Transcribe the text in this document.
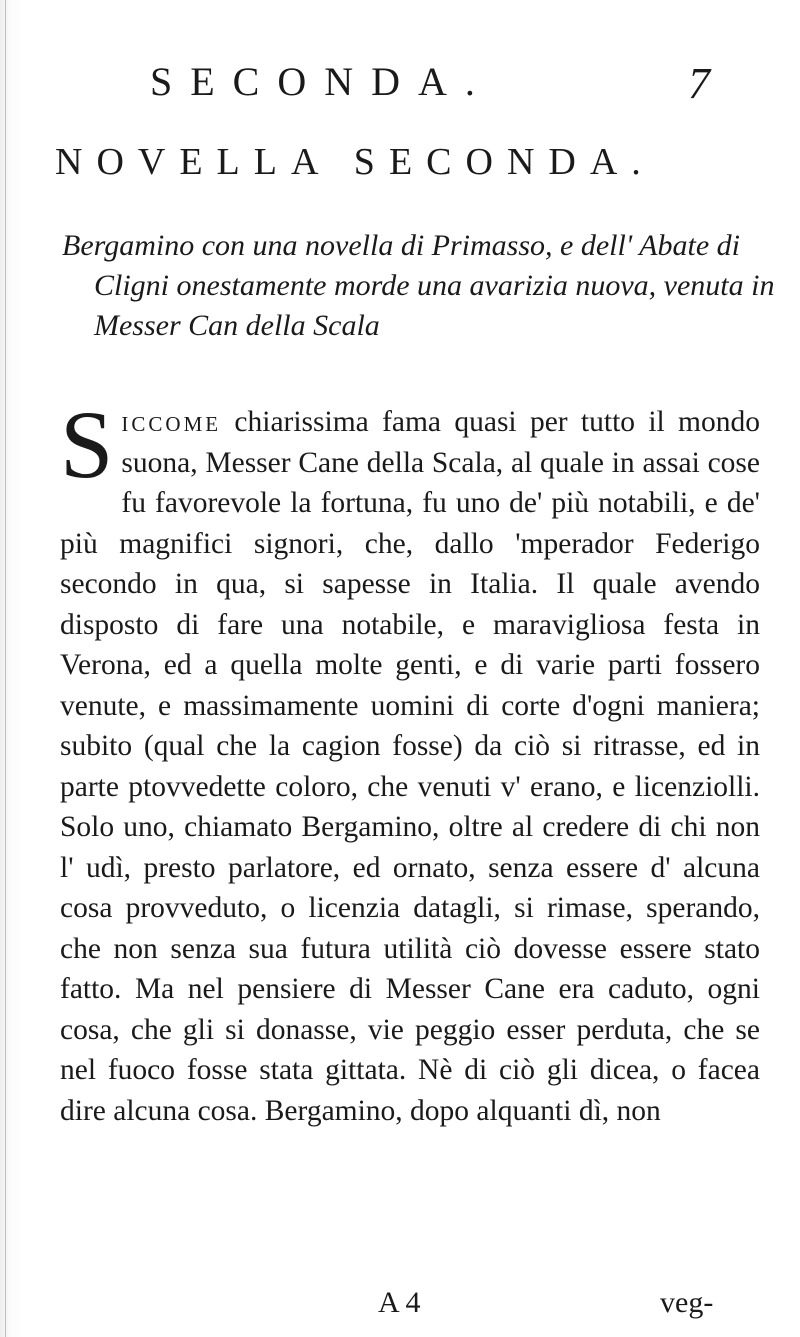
SECONDA.	7
NOVELLA SECONDA.
Bergamino con una novella di Primasso, e dell' Abate di Cligni onestamente morde una avarizia nuova, venuta in Messer Can della Scala
Siccome chiarissima fama quasi per tutto il mondo suona, Messer Cane della Scala, al quale in assai cose fu favorevole la fortuna, fu uno de' più notabili, e de' più magnifici signori, che, dallo 'mperador Federigo secondo in qua, si sapesse in Italia. Il quale avendo disposto di fare una notabile, e maravigliosa festa in Verona, ed a quella molte genti, e di varie parti fossero venute, e massimamente uomini di corte d'ogni maniera; subito (qual che la cagion fosse) da ciò si ritrasse, ed in parte ptovvedette coloro, che venuti v' erano, e licenziolli. Solo uno, chiamato Bergamino, oltre al credere di chi non l' udì, presto parlatore, ed ornato, senza essere d' alcuna cosa provveduto, o licenzia datagli, si rimase, sperando, che non senza sua futura utilità ciò dovesse essere stato fatto. Ma nel pensiere di Messer Cane era caduto, ogni cosa, che gli si donasse, vie peggio esser perduta, che se nel fuoco fosse stata gittata. Nè di ciò gli dicea, o facea dire alcuna cosa. Bergamino, dopo alquanti dì, non
A 4	veg-
